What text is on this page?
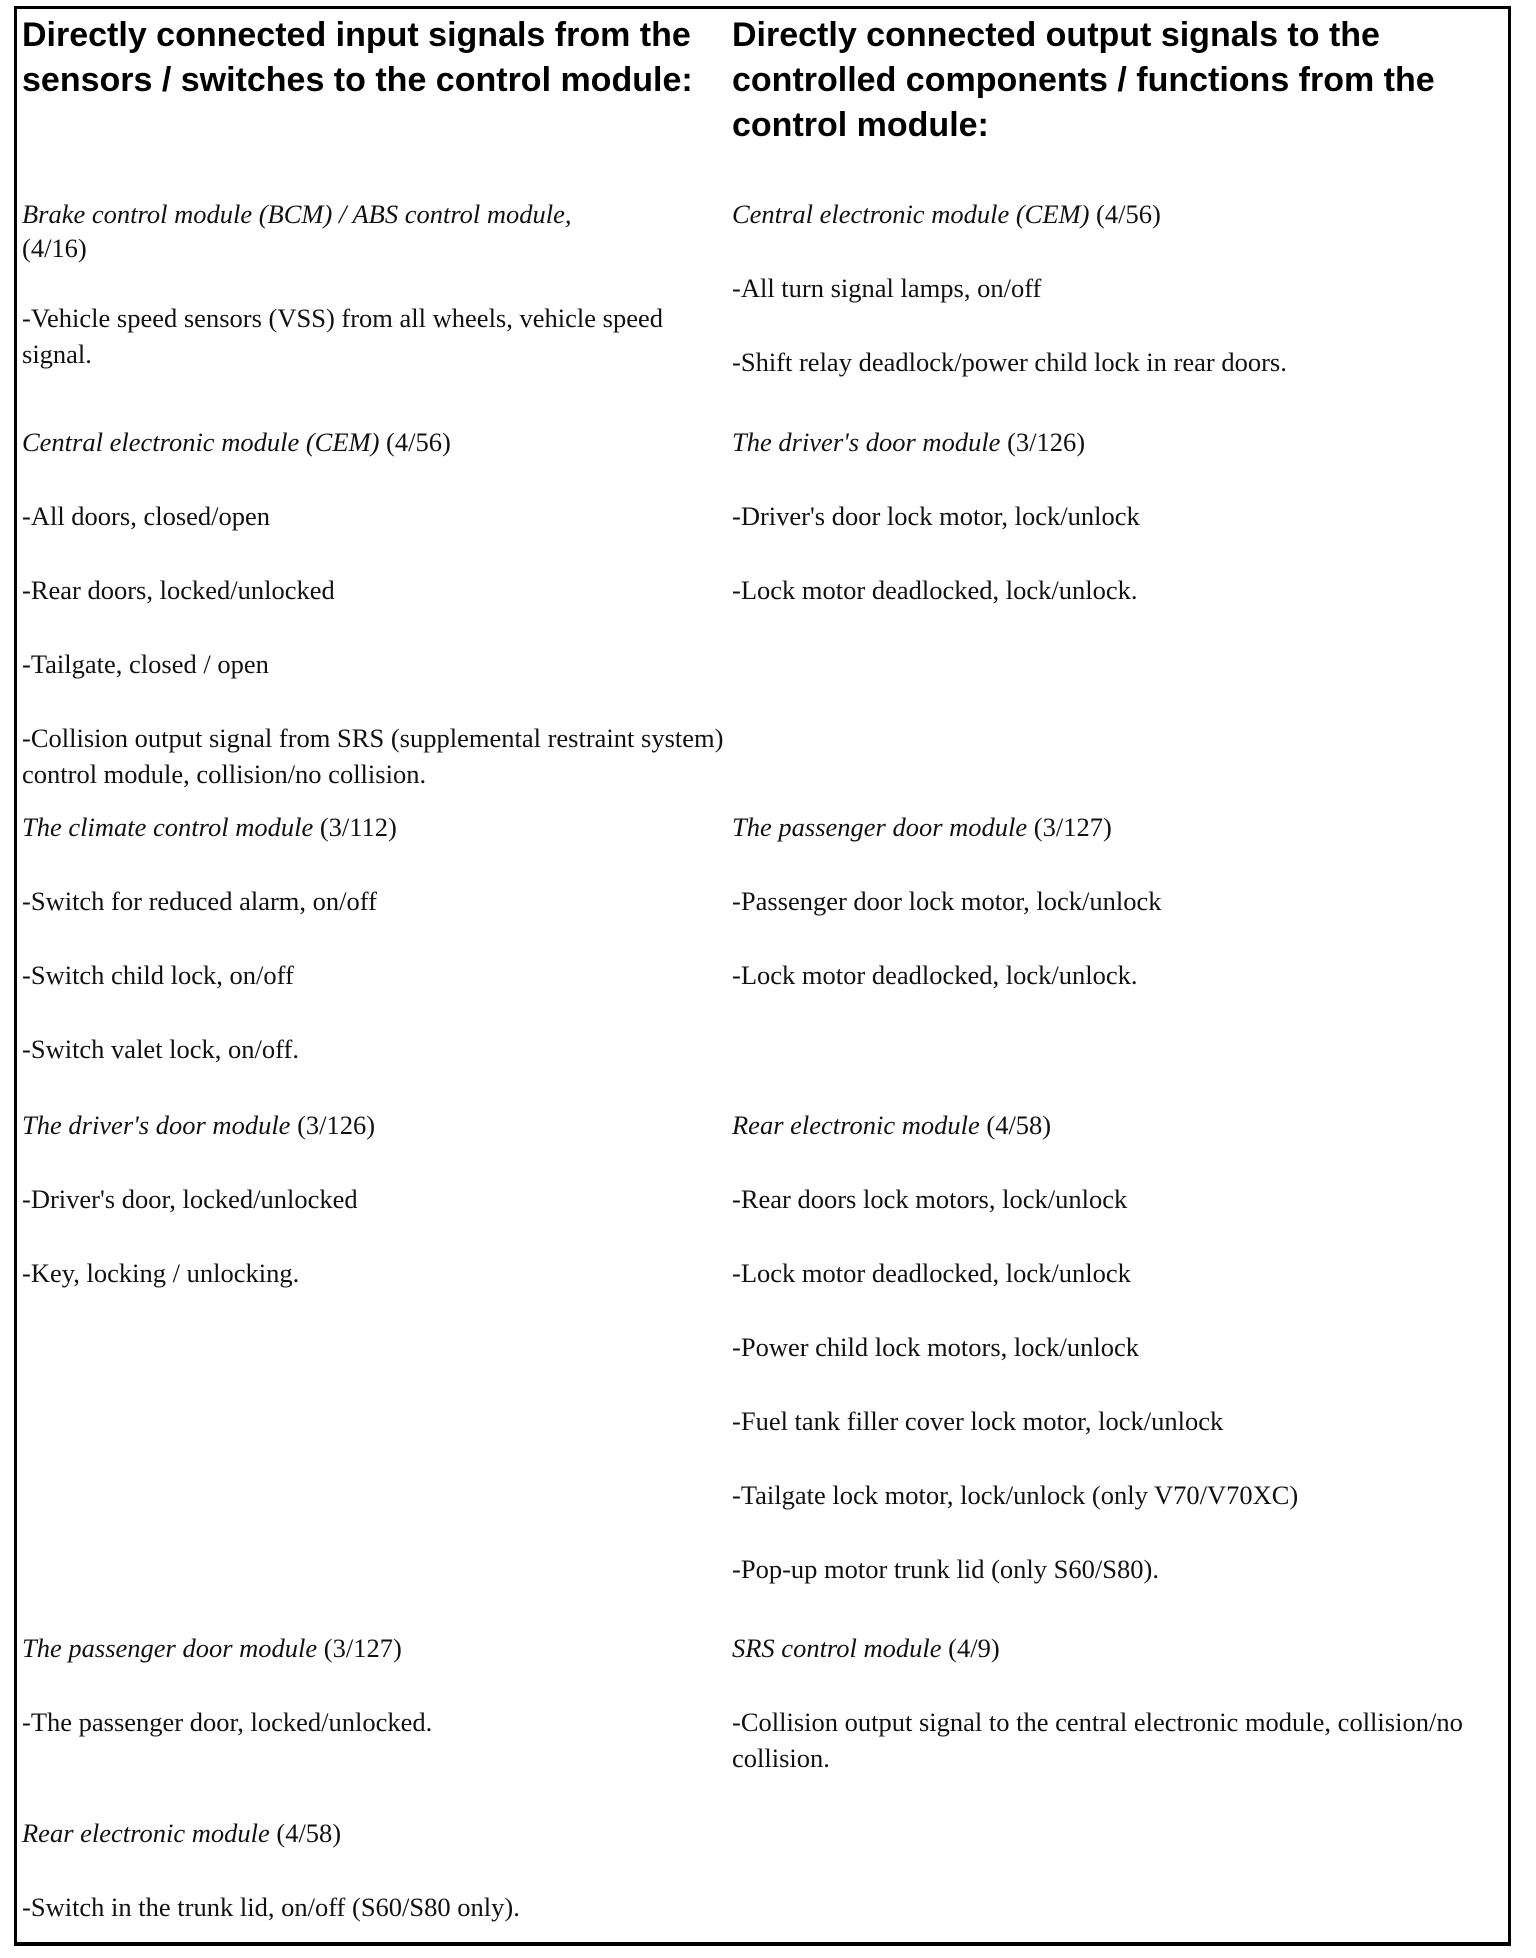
Directly connected input signals from the sensors / switches to the control module:
Directly connected output signals to the controlled components / functions from the control module:

Brake control module (BCM) / ABS control module,

(4/16)

-Vehicle speed sensors (VSS) from all wheels, vehicle speed signal.

Central electronic module (CEM) (4/56)

-All doors, closed/open

-Rear doors, locked/unlocked

-Tailgate, closed / open

-Collision output signal from SRS (supplemental restraint system) control module, collision/no collision.

The climate control module (3/112)

-Switch for reduced alarm, on/off

-Switch child lock, on/off

-Switch valet lock, on/off.

The driver's door module (3/126)

-Driver's door, locked/unlocked

-Key, locking / unlocking.

The passenger door module (3/127)

-The passenger door, locked/unlocked.

Rear electronic module (4/58)

-Switch in the trunk lid, on/off (S60/S80 only).

Central electronic module (CEM) (4/56)

-All turn signal lamps, on/off

-Shift relay deadlock/power child lock in rear doors.

The driver's door module (3/126)

-Driver's door lock motor, lock/unlock

-Lock motor deadlocked, lock/unlock.

The passenger door module (3/127)

-Passenger door lock motor, lock/unlock

-Lock motor deadlocked, lock/unlock.

Rear electronic module (4/58)

-Rear doors lock motors, lock/unlock

-Lock motor deadlocked, lock/unlock

-Power child lock motors, lock/unlock

-Fuel tank filler cover lock motor, lock/unlock

-Tailgate lock motor, lock/unlock (only V70/V70XC)

-Pop-up motor trunk lid (only S60/S80).

SRS control module (4/9)

-Collision output signal to the central electronic module, collision/no collision.
